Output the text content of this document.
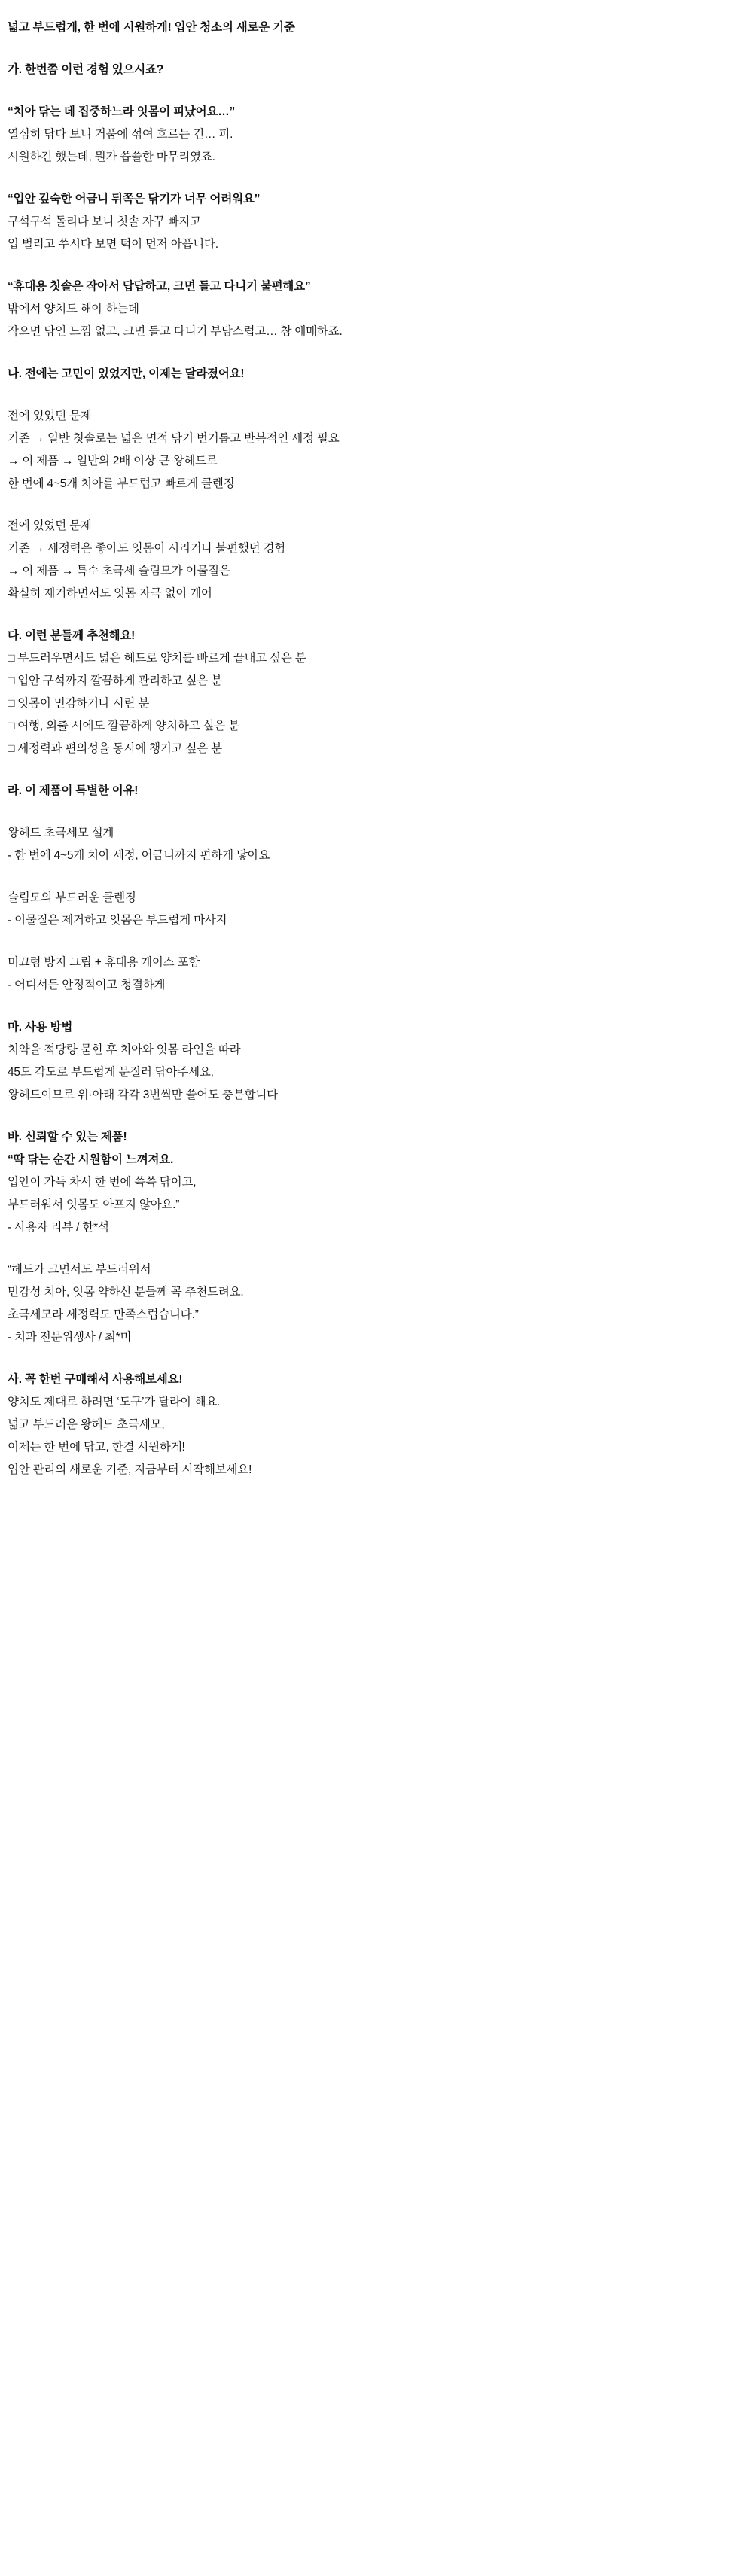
넓고 부드럽게, 한 번에 시원하게! 입안 청소의 새로운 기준
가. 한번쯤 이런 경험 있으시죠?
“치아 닦는 데 집중하느라 잇몸이 피났어요…”
열심히 닦다 보니 거품에 섞여 흐르는 건… 피.
시원하긴 했는데, 뭔가 씁쓸한 마무리였죠.
“입안 깊숙한 어금니 뒤쪽은 닦기가 너무 어려워요”
구석구석 돌리다 보니 칫솔 자꾸 빠지고
입 벌리고 쑤시다 보면 턱이 먼저 아픕니다.
“휴대용 칫솔은 작아서 답답하고, 크면 들고 다니기 불편해요”
밖에서 양치도 해야 하는데
작으면 닦인 느낌 없고, 크면 들고 다니기 부담스럽고… 참 애매하죠.
나. 전에는 고민이 있었지만, 이제는 달라졌어요!
전에 있었던 문제
기존 → 일반 칫솔로는 넓은 면적 닦기 번거롭고 반복적인 세정 필요
→ 이 제품 → 일반의 2배 이상 큰 왕헤드로
한 번에 4~5개 치아를 부드럽고 빠르게 클렌징
전에 있었던 문제
기존 → 세정력은 좋아도 잇몸이 시리거나 불편했던 경험
→ 이 제품 → 특수 초극세 슬림모가 이물질은
확실히 제거하면서도 잇몸 자극 없이 케어
다. 이런 분들께 추천해요!
□ 부드러우면서도 넓은 헤드로 양치를 빠르게 끝내고 싶은 분
□ 입안 구석까지 깔끔하게 관리하고 싶은 분
□ 잇몸이 민감하거나 시린 분
□ 여행, 외출 시에도 깔끔하게 양치하고 싶은 분
□ 세정력과 편의성을 동시에 챙기고 싶은 분
라. 이 제품이 특별한 이유!
왕헤드 초극세모 설계
- 한 번에 4~5개 치아 세정, 어금니까지 편하게 닿아요
슬림모의 부드러운 클렌징
- 이물질은 제거하고 잇몸은 부드럽게 마사지
미끄럼 방지 그립 + 휴대용 케이스 포함
- 어디서든 안정적이고 청결하게
마. 사용 방법
치약을 적당량 묻힌 후 치아와 잇몸 라인을 따라
45도 각도로 부드럽게 문질러 닦아주세요,
왕헤드이므로 위·아래 각각 3번씩만 쓸어도 충분합니다
바. 신뢰할 수 있는 제품!
“딱 닦는 순간 시원함이 느껴져요.
입안이 가득 차서 한 번에 쓱쓱 닦이고,
부드러워서 잇몸도 아프지 않아요.”
- 사용자 리뷰 / 한*석
“헤드가 크면서도 부드러워서
민감성 치아, 잇몸 약하신 분들께 꼭 추천드려요.
초극세모라 세정력도 만족스럽습니다.”
- 치과 전문위생사 / 최*미
사. 꼭 한번 구매해서 사용해보세요!
양치도 제대로 하려면 ‘도구’가 달라야 해요.
넓고 부드러운 왕헤드 초극세모,
이제는 한 번에 닦고, 한결 시원하게!
입안 관리의 새로운 기준, 지금부터 시작해보세요!
